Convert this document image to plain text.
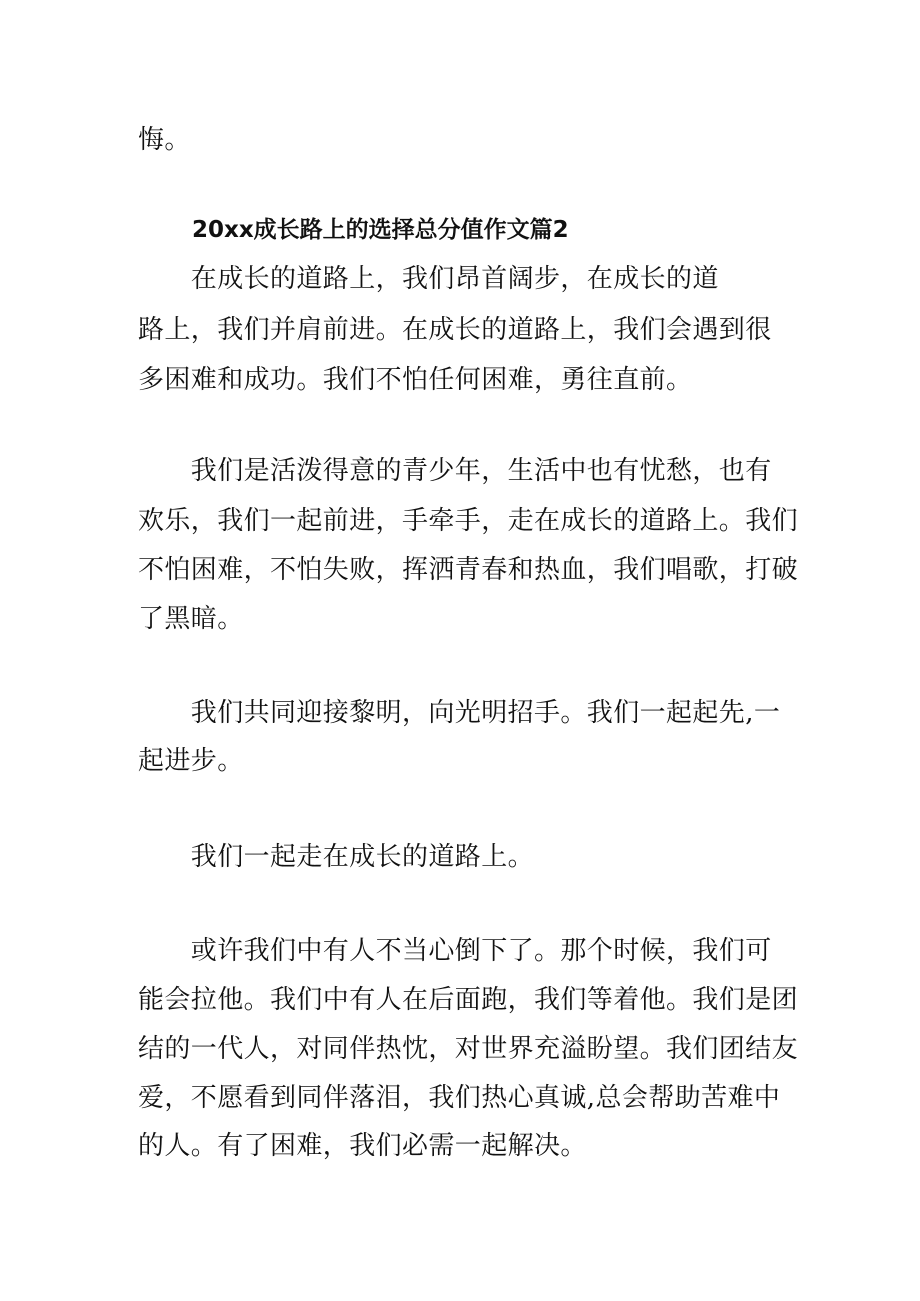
悔。
20xx成长路上的选择总分值作文篇2
　　在成长的道路上，我们昂首阔步，在成长的道
路上，我们并肩前进。在成长的道路上，我们会遇到很
多困难和成功。我们不怕任何困难，勇往直前。
　　我们是活泼得意的青少年，生活中也有忧愁，也有
欢乐，我们一起前进，手牵手，走在成长的道路上。我们
不怕困难，不怕失败，挥洒青春和热血，我们唱歌，打破
了黑暗。
　　我们共同迎接黎明，向光明招手。我们一起起先,一
起进步。
　　我们一起走在成长的道路上。
　　或许我们中有人不当心倒下了。那个时候，我们可
能会拉他。我们中有人在后面跑，我们等着他。我们是团
结的一代人，对同伴热忱，对世界充溢盼望。我们团结友
爱，不愿看到同伴落泪，我们热心真诚,总会帮助苦难中
的人。有了困难，我们必需一起解决。
